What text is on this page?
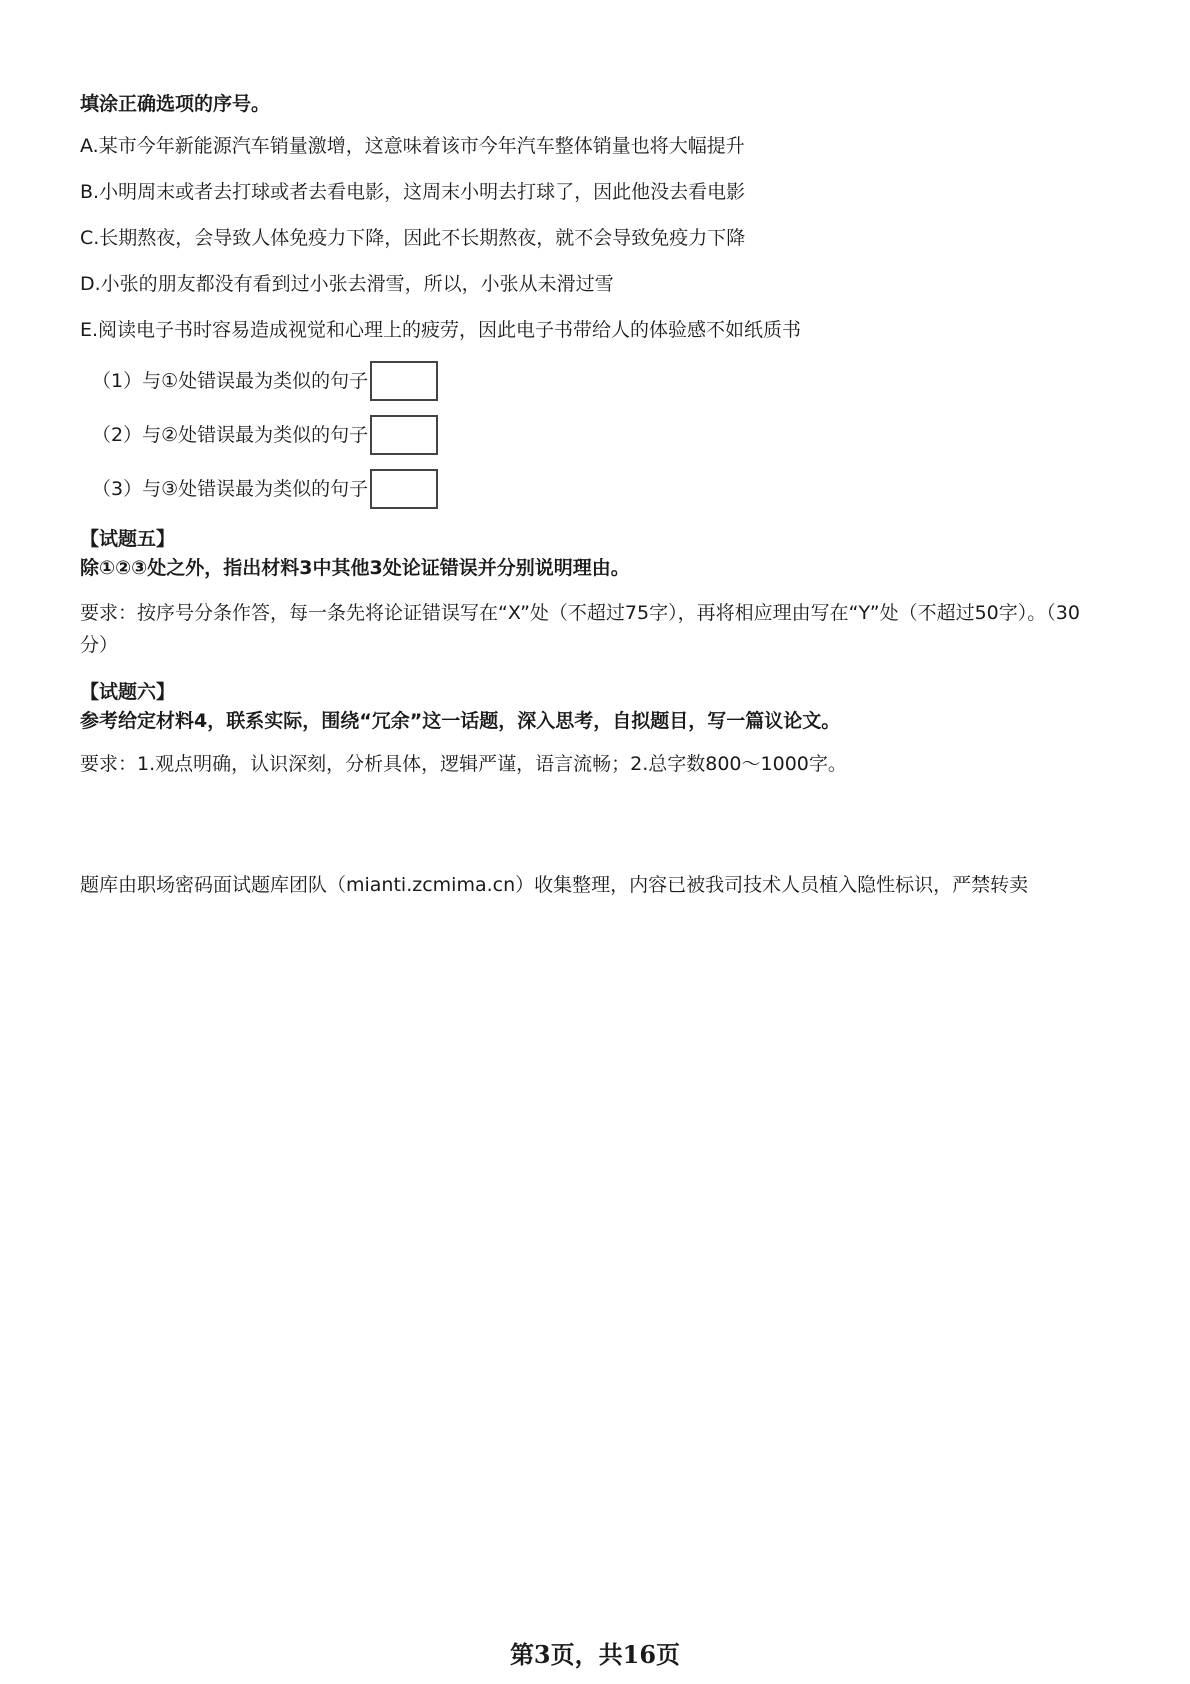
填涂正确选项的序号。
A.某市今年新能源汽车销量激增，这意味着该市今年汽车整体销量也将大幅提升
B.小明周末或者去打球或者去看电影，这周末小明去打球了，因此他没去看电影
C.长期熬夜，会导致人体免疫力下降，因此不长期熬夜，就不会导致免疫力下降
D.小张的朋友都没有看到过小张去滑雪，所以，小张从未滑过雪
E.阅读电子书时容易造成视觉和心理上的疲劳，因此电子书带给人的体验感不如纸质书
（1）与①处错误最为类似的句子
（2）与②处错误最为类似的句子
（3）与③处错误最为类似的句子
【试题五】
除①②③处之外，指出材料3中其他3处论证错误并分别说明理由。
要求：按序号分条作答，每一条先将论证错误写在“X”处（不超过75字），再将相应理由写在“Y”处（不超过50字）。（30分）
【试题六】
参考给定材料4，联系实际，围绕“冗余”这一话题，深入思考，自拟题目，写一篇议论文。
要求：1.观点明确，认识深刻，分析具体，逻辑严谨，语言流畅；2.总字数800～1000字。
题库由职场密码面试题库团队（mianti.zcmima.cn）收集整理，内容已被我司技术人员植入隐性标识，严禁转卖
第3页，共16页
